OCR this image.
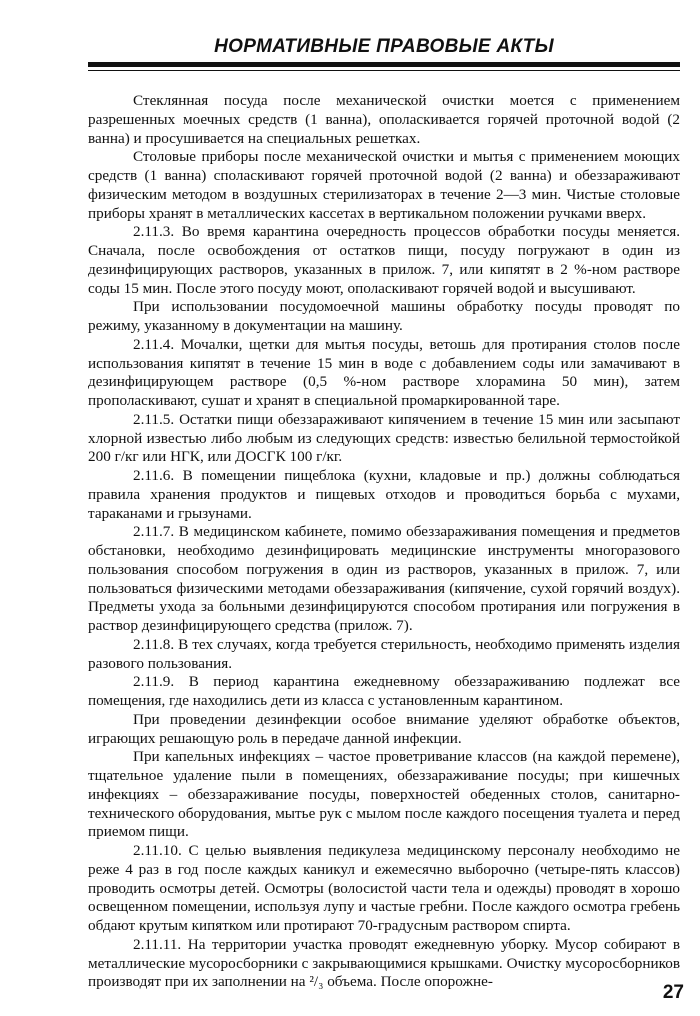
НОРМАТИВНЫЕ ПРАВОВЫЕ АКТЫ

Стеклянная посуда после механической очистки моется с применением разрешенных моечных средств (1 ванна), ополаскивается горячей проточной водой (2 ванна) и просушивается на специальных решетках.

Столовые приборы после механической очистки и мытья с применением моющих средств (1 ванна) споласкивают горячей проточной водой (2 ванна) и обеззараживают физическим методом в воздушных стерилизаторах в течение 2—3 мин. Чистые столовые приборы хранят в металлических кассетах в вертикальном положении ручками вверх.

2.11.3. Во время карантина очередность процессов обработки посуды меняется. Сначала, после освобождения от остатков пищи, посуду погружают в один из дезинфицирующих растворов, указанных в прилож. 7, или кипятят в 2 %-ном растворе соды 15 мин. После этого посуду моют, ополаскивают горячей водой и высушивают.

При использовании посудомоечной машины обработку посуды проводят по режиму, указанному в документации на машину.

2.11.4. Мочалки, щетки для мытья посуды, ветошь для протирания столов после использования кипятят в течение 15 мин в воде с добавлением соды или замачивают в дезинфицирующем растворе (0,5 %-ном растворе хлорамина 50 мин), затем прополаскивают, сушат и хранят в специальной промаркированной таре.

2.11.5. Остатки пищи обеззараживают кипячением в течение 15 мин или засыпают хлорной известью либо любым из следующих средств: известью белильной термостойкой 200 г/кг или НГК, или ДОСГК 100 г/кг.

2.11.6. В помещении пищеблока (кухни, кладовые и пр.) должны соблюдаться правила хранения продуктов и пищевых отходов и проводиться борьба с мухами, тараканами и грызунами.

2.11.7. В медицинском кабинете, помимо обеззараживания помещения и предметов обстановки, необходимо дезинфицировать медицинские инструменты многоразового пользования способом погружения в один из растворов, указанных в прилож. 7, или пользоваться физическими методами обеззараживания (кипячение, сухой горячий воздух). Предметы ухода за больными дезинфицируются способом протирания или погружения в раствор дезинфицирующего средства (прилож. 7).

2.11.8. В тех случаях, когда требуется стерильность, необходимо применять изделия разового пользования.

2.11.9. В период карантина ежедневному обеззараживанию подлежат все помещения, где находились дети из класса с установленным карантином.

При проведении дезинфекции особое внимание уделяют обработке объектов, играющих решающую роль в передаче данной инфекции.

При капельных инфекциях – частое проветривание классов (на каждой перемене), тщательное удаление пыли в помещениях, обеззараживание посуды; при кишечных инфекциях – обеззараживание посуды, поверхностей обеденных столов, санитарно-технического оборудования, мытье рук с мылом после каждого посещения туалета и перед приемом пищи.

2.11.10. С целью выявления педикулеза медицинскому персоналу необходимо не реже 4 раз в год после каждых каникул и ежемесячно выборочно (четыре-пять классов) проводить осмотры детей. Осмотры (волосистой части тела и одежды) проводят в хорошо освещенном помещении, используя лупу и частые гребни. После каждого осмотра гребень обдают крутым кипятком или протирают 70-градусным раствором спирта.

2.11.11. На территории участка проводят ежедневную уборку. Мусор собирают в металлические мусоросборники с закрывающимися крышками. Очистку мусоросборников производят при их заполнении на ²/₃ объема. После опорожне-

27
